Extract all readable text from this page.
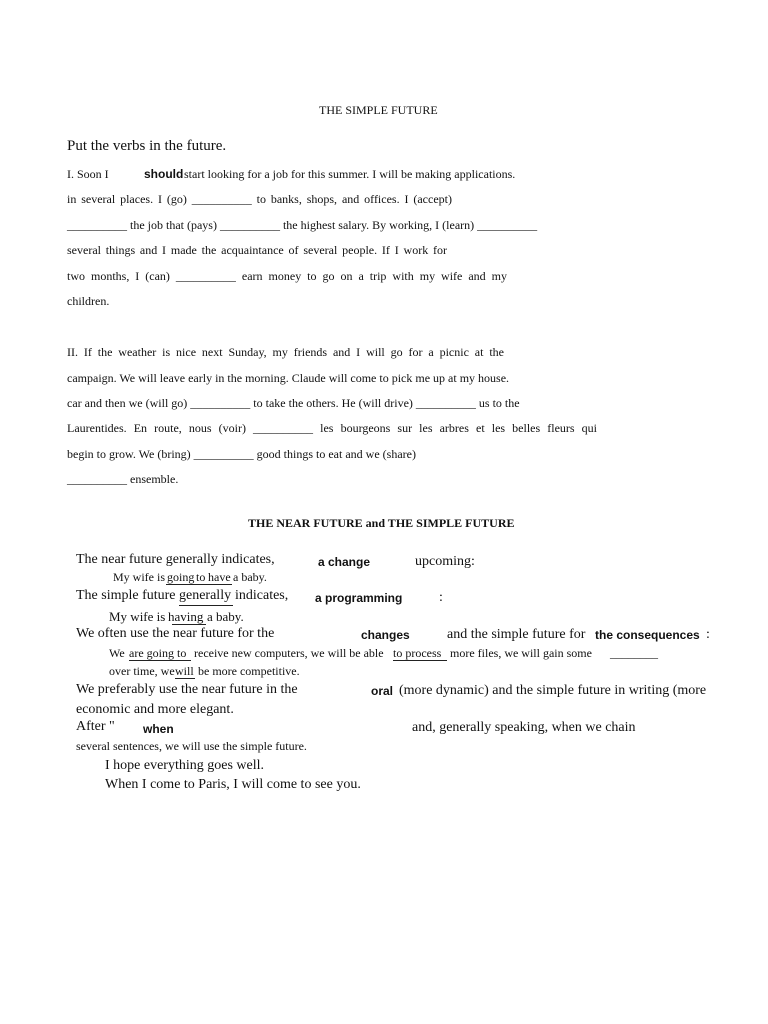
THE SIMPLE FUTURE
Put the verbs in the future.
I. Soon I	should start looking for a job for this summer. I will be making applications.
in several places. I (go) __________ to banks, shops, and offices. I (accept)
__________ the job that (pays) __________ the highest salary. By working, I (learn) __________
several things and I made the acquaintance of several people. If I work for
two months, I (can) __________ earn money to go on a trip with my wife and my
children.
II. If the weather is nice next Sunday, my friends and I will go for a picnic at the
campaign. We will leave early in the morning. Claude will come to pick me up at my house.
car and then we (will go) __________ to take the others. He (will drive) __________ us to the
Laurentides. En route, nous (voir) __________ les bourgeons sur les arbres et les belles fleurs qui
begin to grow. We (bring) __________ good things to eat and we (share)
__________ ensemble.
THE NEAR FUTURE and THE SIMPLE FUTURE
The near future generally indicates,	a change	upcoming:
My wife is going to have a baby.
The simple future generally indicates, a programming	:
My wife is having a baby.
We often use the near future for the	changes	and the simple future for the consequences :
We are going to receive new computers, we will be able to process more files, we will gain some ________
over time, we will be more competitive.
We preferably use the near future in the	oral (more dynamic) and the simple future in writing (more
economic and more elegant.
After " when	and, generally speaking, when we chain
several sentences, we will use the simple future.
I hope everything goes well.
When I come to Paris, I will come to see you.
